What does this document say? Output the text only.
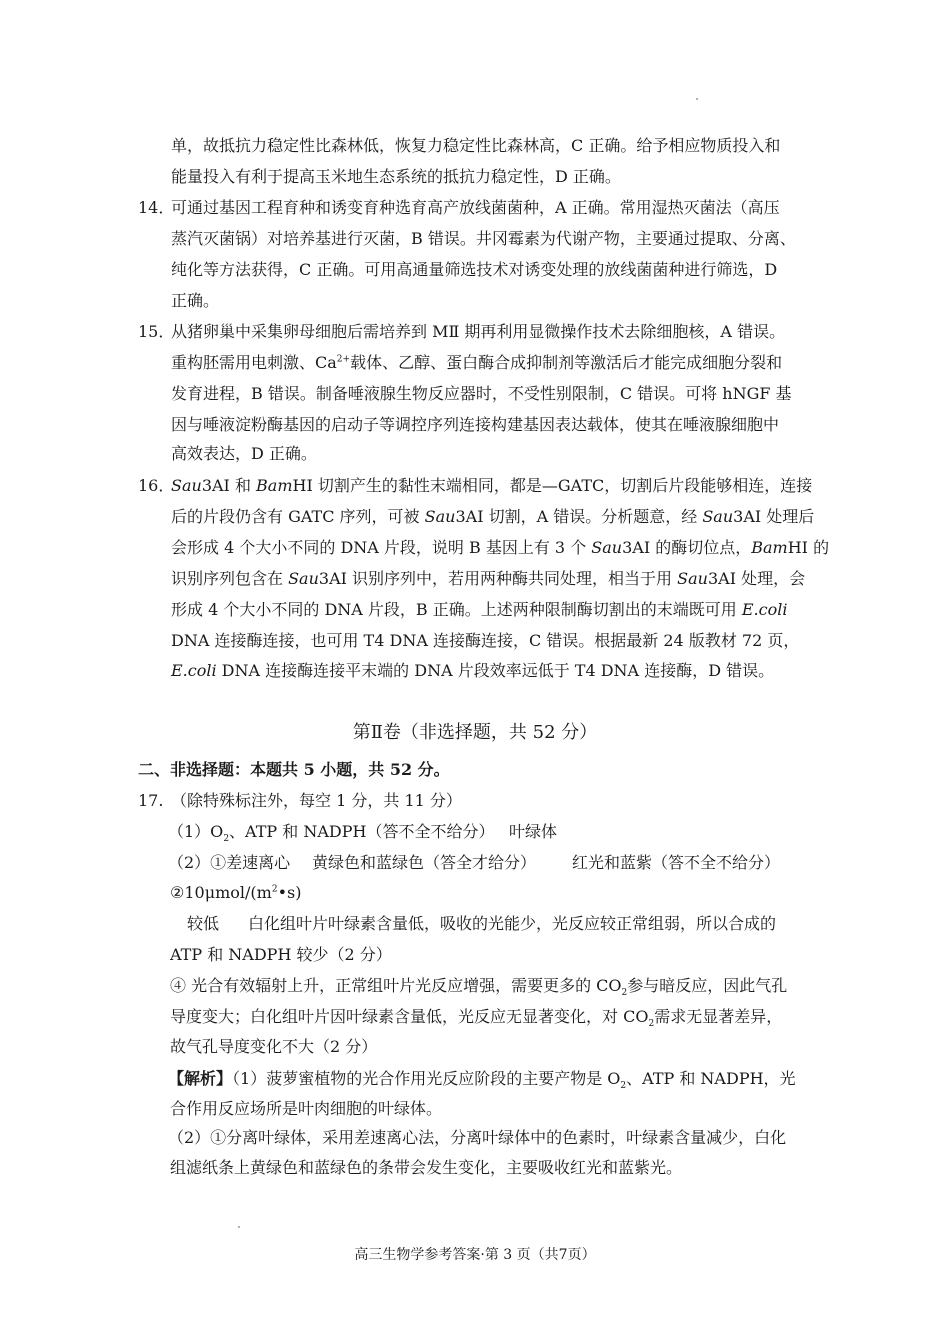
单，故抵抗力稳定性比森林低，恢复力稳定性比森林高，C 正确。给予相应物质投入和
能量投入有利于提高玉米地生态系统的抵抗力稳定性，D 正确。
14．
可通过基因工程育种和诱变育种选育高产放线菌菌种，A 正确。常用湿热灭菌法（高压
蒸汽灭菌锅）对培养基进行灭菌，B 错误。井冈霉素为代谢产物，主要通过提取、分离、
纯化等方法获得，C 正确。可用高通量筛选技术对诱变处理的放线菌菌种进行筛选，D
正确。
15．
从猪卵巢中采集卵母细胞后需培养到 MⅡ 期再利用显微操作技术去除细胞核，A 错误。
重构胚需用电刺激、$Ca^{2+}$载体、乙醇、蛋白酶合成抑制剂等激活后才能完成细胞分裂和
发育进程，B 错误。制备唾液腺生物反应器时，不受性别限制，C 错误。可将 hNGF 基
因与唾液淀粉酶基因的启动子等调控序列连接构建基因表达载体，使其在唾液腺细胞中
高效表达，D 正确。
16．
Sau3AI 和 BamHI 切割产生的黏性末端相同，都是—GATC，切割后片段能够相连，连接
后的片段仍含有 GATC 序列，可被 Sau3AI 切割，A 错误。分析题意，经 Sau3AI 处理后
会形成 4 个大小不同的 DNA 片段，说明 B 基因上有 3 个 Sau3AI 的酶切位点，BamHI 的
识别序列包含在 Sau3AI 识别序列中，若用两种酶共同处理，相当于用 Sau3AI 处理，会
形成 4 个大小不同的 DNA 片段，B 正确。上述两种限制酶切割出的末端既可用 E.coli
DNA 连接酶连接，也可用 T4 DNA 连接酶连接，C 错误。根据最新 24 版教材 72 页，
E.coli DNA 连接酶连接平末端的 DNA 片段效率远低于 T4 DNA 连接酶，D 错误。
第Ⅱ卷（非选择题，共 52 分）
二、非选择题：本题共 5 小题，共 52 分。
17. （除特殊标注外，每空 1 分，共 11 分）
$(1)O_2$、ATP 和 NADPH（答不全不给分） 叶绿体
（2）①差速离心 黄绿色和蓝绿色（答全才给分） 红光和蓝紫（答不全不给分）
$②10\mu mol/(m^2•s)$
较低 白化组叶片叶绿素含量低，吸收的光能少，光反应较正常组弱，所以合成的
ATP 和 NADPH 较少（2 分）
④ 光合有效辐射上升，正常组叶片光反应增强，需要更多的 $CO_2$参与暗反应，因此气孔
导度变大；白化组叶片因叶绿素含量低，光反应无显著变化，对 $CO_2$需求无显著差异，
故气孔导度变化不大（2 分）
【解析】（1）菠萝蜜植物的光合作用光反应阶段的主要产物是 $O_2$、ATP 和 NADPH，光
合作用反应场所是叶肉细胞的叶绿体。
（2）①分离叶绿体，采用差速离心法，分离叶绿体中的色素时，叶绿素含量减少，白化
组滤纸条上黄绿色和蓝绿色的条带会发生变化，主要吸收红光和蓝紫光。
高三生物学参考答案·第 3 页（共7页）
